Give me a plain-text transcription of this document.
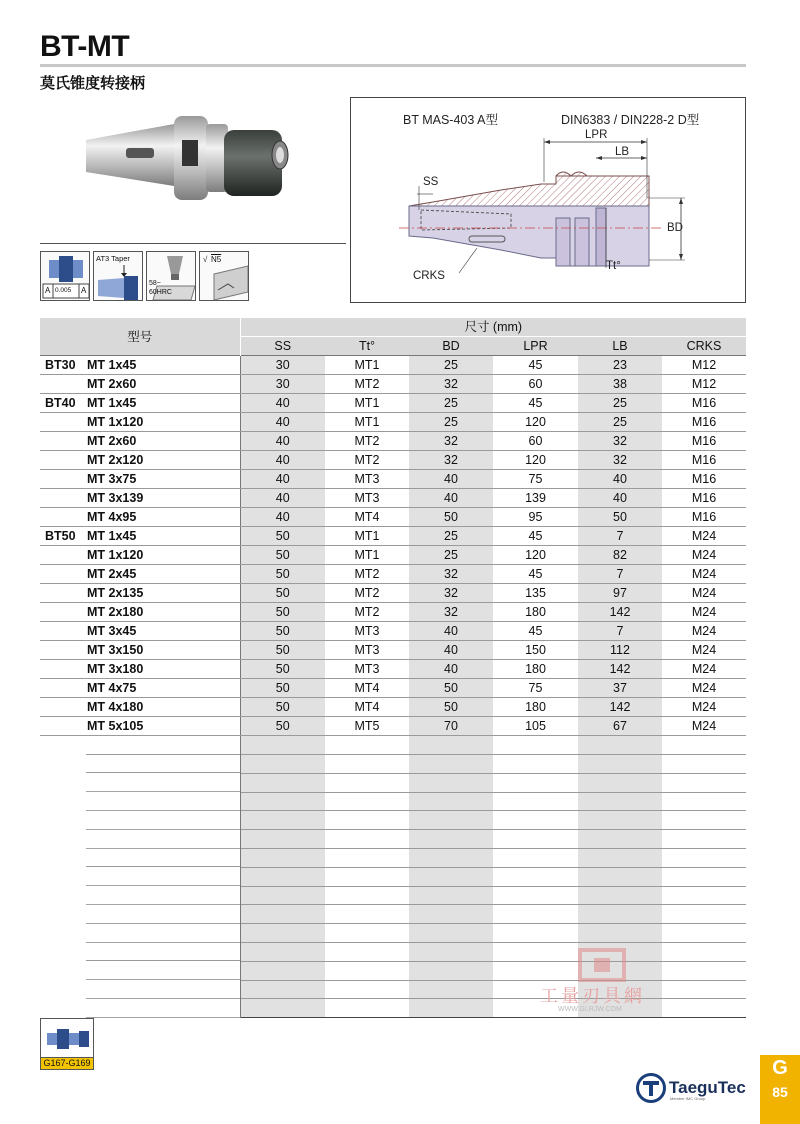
BT-MT
莫氏锥度转接柄
A 0.005 A
AT3 Taper
58~
60HRC
√ N5
BT MAS-403 A型	DIN6383 / DIN228-2 D型
LPR
LB
SS
BD
CRKS
Tt°
型号	尺寸 (mm)					
	SS	Tt°	BD	LPR	LB	CRKS
BT30 MT 1x45	30	MT1	25	45	23	M12
MT 2x60	30	MT2	32	60	38	M12
BT40 MT 1x45	40	MT1	25	45	25	M16
MT 1x120	40	MT1	25	120	25	M16
MT 2x60	40	MT2	32	60	32	M16
MT 2x120	40	MT2	32	120	32	M16
MT 3x75	40	MT3	40	75	40	M16
MT 3x139	40	MT3	40	139	40	M16
MT 4x95	40	MT4	50	95	50	M16
BT50 MT 1x45	50	MT1	25	45	7	M24
MT 1x120	50	MT1	25	120	82	M24
MT 2x45	50	MT2	32	45	7	M24
MT 2x135	50	MT2	32	135	97	M24
MT 2x180	50	MT2	32	180	142	M24
MT 3x45	50	MT3	40	45	7	M24
MT 3x150	50	MT3	40	150	112	M24
MT 3x180	50	MT3	40	180	142	M24
MT 4x75	50	MT4	50	75	37	M24
MT 4x180	50	MT4	50	180	142	M24
MT 5x105	50	MT5	70	105	67	M24

工量刃具網
WWW.GLRJW.COM
G167-G169
TaeguTec
Member IMC Group
G
85
